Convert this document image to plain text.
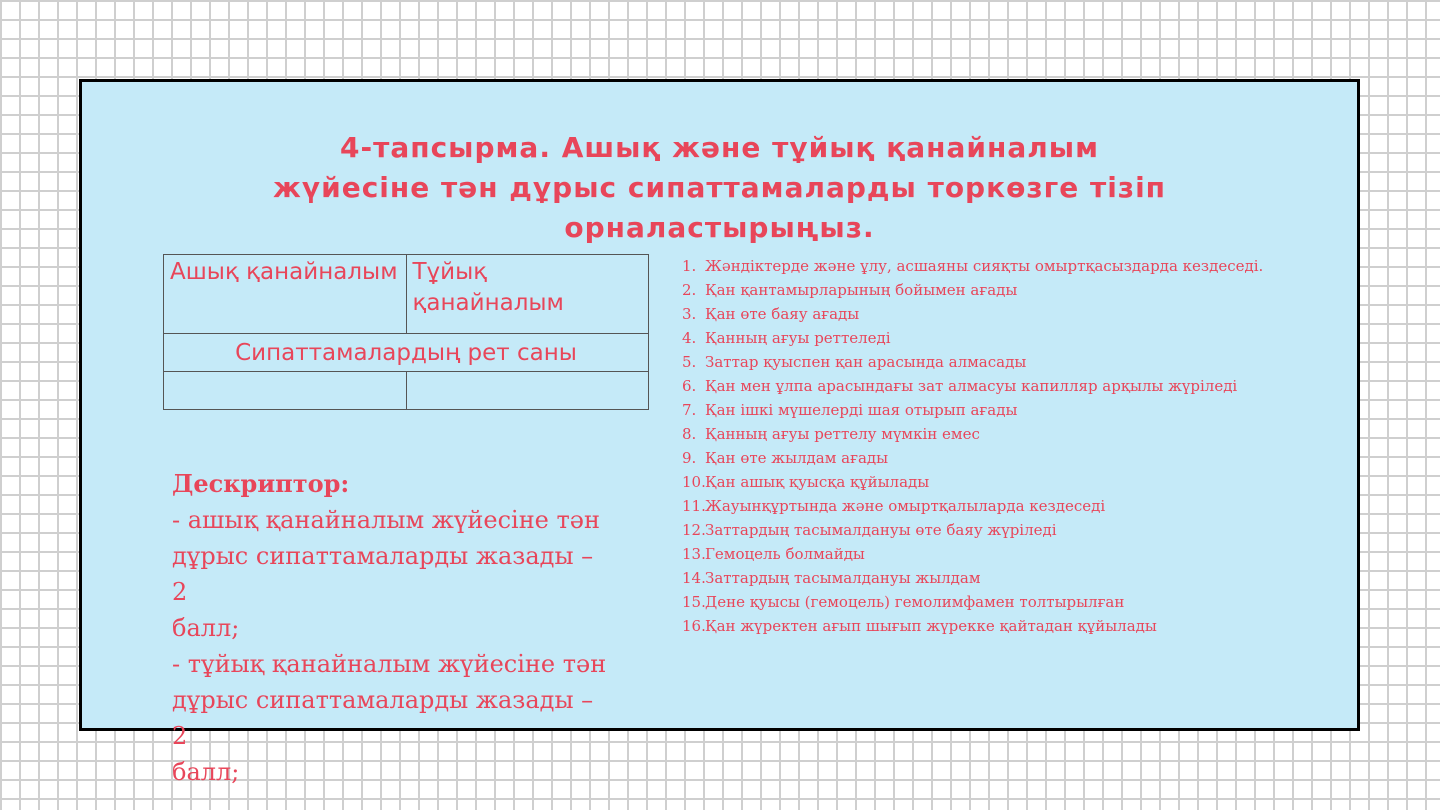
4-тапсырма. Ашық және тұйық қанайналым
жүйесіне тән дұрыс сипаттамаларды торкөзге тізіп
орналастырыңыз.
Ашық қанайналым	Тұйық қанайналым
Сипаттамалардың рет саны	

1. Жәндіктерде және ұлу, асшаяны сияқты омыртқасыздарда кездеседі.
2. Қан қантамырларының бойымен ағады
3. Қан өте баяу ағады
4. Қанның ағуы реттеледі
5. Заттар қуыспен қан арасында алмасады
6. Қан мен ұлпа арасындағы зат алмасуы капилляр арқылы жүріледі
7. Қан ішкі мүшелерді шая отырып ағады
8. Қанның ағуы реттелу мүмкін емес
9. Қан өте жылдам ағады
10. Қан ашық қуысқа құйылады
11. Жауынқұртында және омыртқалыларда кездеседі
12. Заттардың тасымалдануы өте баяу жүріледі
13. Гемоцель болмайды
14. Заттардың тасымалдануы жылдам
15. Дене қуысы (гемоцель) гемолимфамен толтырылған
16. Қан жүректен ағып шығып жүрекке қайтадан құйылады
Дескриптор:
- ашық қанайналым жүйесіне тән
дұрыс сипаттамаларды жазады – 2
балл;
- тұйық қанайналым жүйесіне тән
дұрыс сипаттамаларды жазады – 2
балл;
